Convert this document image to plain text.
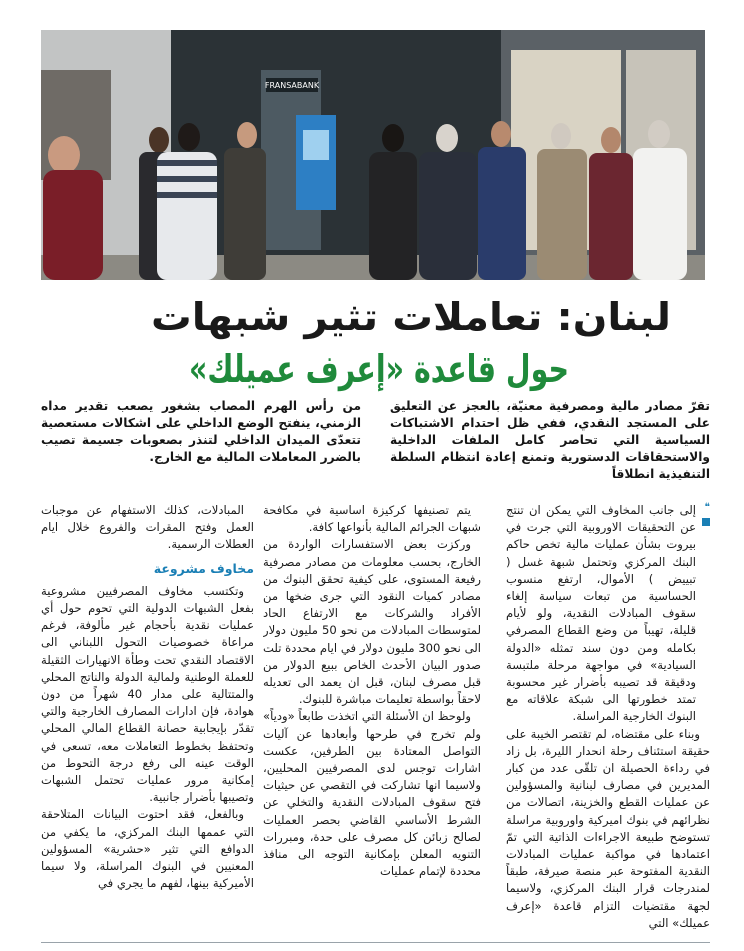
FRANSABANK
لبنان: تعاملات تثير شبهات
حول قاعدة «إعرف عميلك»
تقرّ مصادر مالية ومصرفية معنيّة، بالعجز عن التعليق على المستجد النقدي، ففي ظل احتدام الاشتباكات السياسية التي تحاصر كامل الملفات الداخلية والاستحقاقات الدستورية وتمنع إعادة انتظام السلطة التنفيذية انطلاقاً
من رأس الهرم المصاب بشغور يصعب تقدير مداه الزمني، ينفتح الوضع الداخلي على اشكالات مستعصية تتعدّى الميدان الداخلي لتنذر بصعوبات جسيمة تصيب بالضرر المعاملات المالية مع الخارج.
❝

إلى جانب المخاوف التي يمكن ان تنتج عن التحقيقات الاوروبية التي جرت في بيروت بشأن عمليات مالية تخص حاكم البنك المركزي وتحتمل شبهة غسل ( تبييض ) الأموال، ارتفع منسوب الحساسية من تبعات سياسة إلغاء سقوف المبادلات النقدية، ولو لأيام قليلة، تهيباً من وضع القطاع المصرفي بكامله ومن دون سند تمثله «الدولة السيادية» في مواجهة مرحلة ملتبسة ودقيقة قد تصيبه بأضرار غير محسوبة تمتد خطورتها الى شبكة علاقاته مع البنوك الخارجية المراسلة.

وبناء على مقتضاه، لم تقتصر الخيبة على حقيقة استئناف رحلة انحدار الليرة، بل زاد في رداءة الحصيلة ان تلقّى عدد من كبار المديرين في مصارف لبنانية والمسؤولين عن عمليات القطع والخزينة، اتصالات من نظرائهم في بنوك اميركية واوروبية مراسلة تستوضح طبيعة الاجراءات الذاتية التي تمّ اعتمادها في مواكبة عمليات المبادلات النقدية المفتوحة عبر منصة صيرفة، طبقاً لمندرجات قرار البنك المركزي، ولاسيما لجهة مقتضيات التزام قاعدة «إعرف عميلك» التي

يتم تصنيفها كركيزة اساسية في مكافحة شبهات الجرائم المالية بأنواعها كافة.

وركزت بعض الاستفسارات الواردة من الخارج، بحسب معلومات من مصادر مصرفية رفيعة المستوى، على كيفية تحقق البنوك من مصادر كميات النقود التي جرى ضخها من الأفراد والشركات مع الارتفاع الحاد لمتوسطات المبادلات من نحو 50 مليون دولار الى نحو 300 مليون دولار في ايام محددة تلت صدور البيان الأحدث الخاص ببيع الدولار من قبل مصرف لبنان، قبل ان يعمد الى تعديله لاحقاً بواسطة تعليمات مباشرة للبنوك.

ولوحظ ان الأسئلة التي اتخذت طابعاً «ودياً» ولم تخرج في طرحها وأبعادها عن آليات التواصل المعتادة بين الطرفين، عكست اشارات توجس لدى المصرفيين المحليين، ولاسيما انها تشاركت في التقصي عن حيثيات فتح سقوف المبادلات النقدية والتخلي عن الشرط الأساسي القاضي بحصر العمليات لصالح زبائن كل مصرف على حدة، ومبررات التنويه المعلن بإمكانية التوجه الى منافذ محددة لإتمام عمليات

المبادلات، كذلك الاستفهام عن موجبات العمل وفتح المقرات والفروع خلال ايام العطلات الرسمية.

مخاوف مشروعة

وتكتسب مخاوف المصرفيين مشروعية بفعل الشبهات الدولية التي تحوم حول أي عمليات نقدية بأحجام غير مألوفة، فرغم مراعاة خصوصيات التحول اللبناني الى الاقتصاد النقدي تحت وطأة الانهيارات الثقيلة للعملة الوطنية ولمالية الدولة والناتج المحلي والمتتالية على مدار 40 شهراً من دون هوادة، فإن ادارات المصارف الخارجية والتي تقدّر بإيجابية حصانة القطاع المالي المحلي وتحتفظ بخطوط التعاملات معه، تسعى في الوقت عينه الى رفع درجة التحوط من إمكانية مرور عمليات تحتمل الشبهات وتصيبها بأضرار جانبية.

وبالفعل، فقد احتوت البيانات المتلاحقة التي عممها البنك المركزي، ما يكفي من الدوافع التي تثير «حشرية» المسؤولين المعنيين في البنوك المراسلة، ولا سيما الأميركية بينها، لفهم ما يجري في
